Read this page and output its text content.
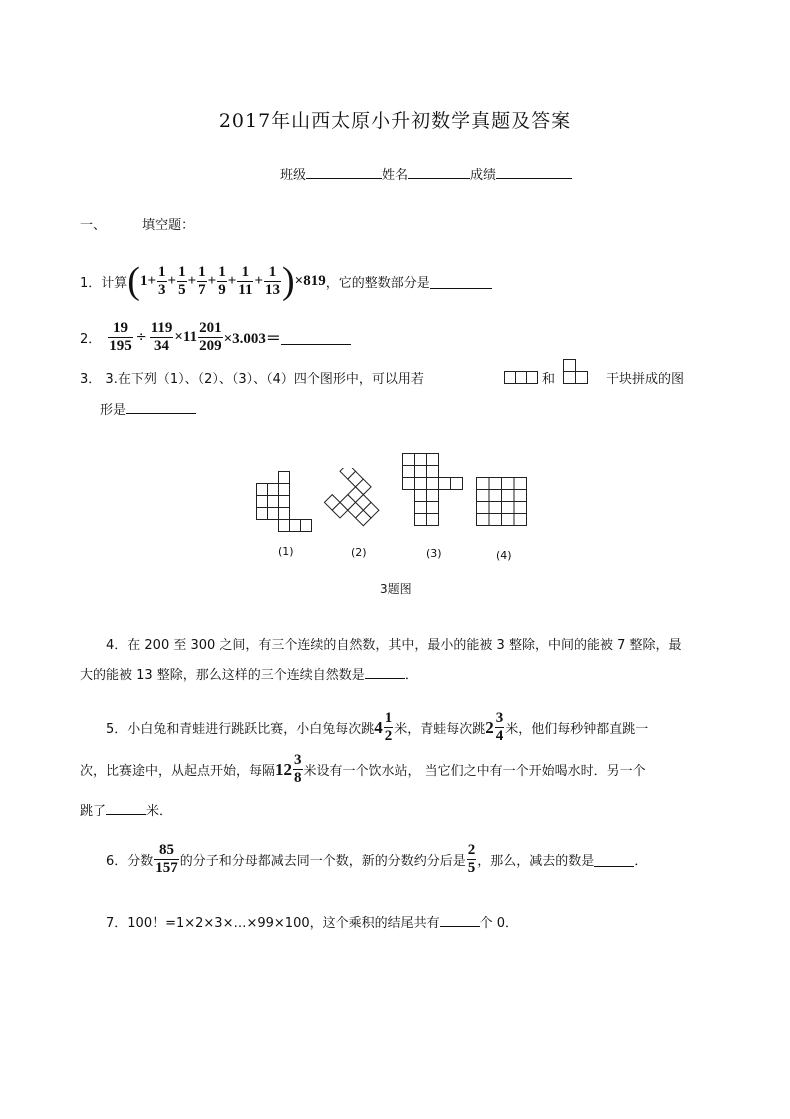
2017年山西太原小升初数学真题及答案
班级	姓名	成绩
一、	填空题：
1． 计算 ( $1 + \frac{1}{3} + \frac{1}{5} + \frac{1}{7} + \frac{1}{9} + \frac{1}{11} + \frac{1}{13}$ ) ×819 ，它的整数部分是
2． $\frac{19}{195} \div \frac{119}{34} \times 11 \frac{201}{209} \times 3.003=$
3． 3.在下列（1）、（2）、（3）、（4）四个图形中，可以用若	和	干块拼成的图
形是
(1)	(2)	(3)	(4)
3题图
4．在 200 至 300 之间，有三个连续的自然数，其中，最小的能被 3 整除，中间的能被 7 整除，最
大的能被 13 整除，那么这样的三个连续自然数是	．
5．小白兔和青蛙进行跳跃比赛，小白兔每次跳 $4 \frac{1}{2}$ 米，青蛙每次跳 $2 \frac{3}{4}$ 米，他们每秒钟都直跳一
次，比赛途中，从起点开始，每隔 $12 \frac{3}{8}$ 米设有一个饮水站， 当它们之中有一个开始喝水时．另一个
跳了	米．
6．分数 $\frac{85}{157}$ 的分子和分母都减去同一个数，新的分数约分后是 $\frac{2}{5}$ ，那么，减去的数是	．
7．100！=1×2×3×…×99×100，这个乘积的结尾共有	个 0．
